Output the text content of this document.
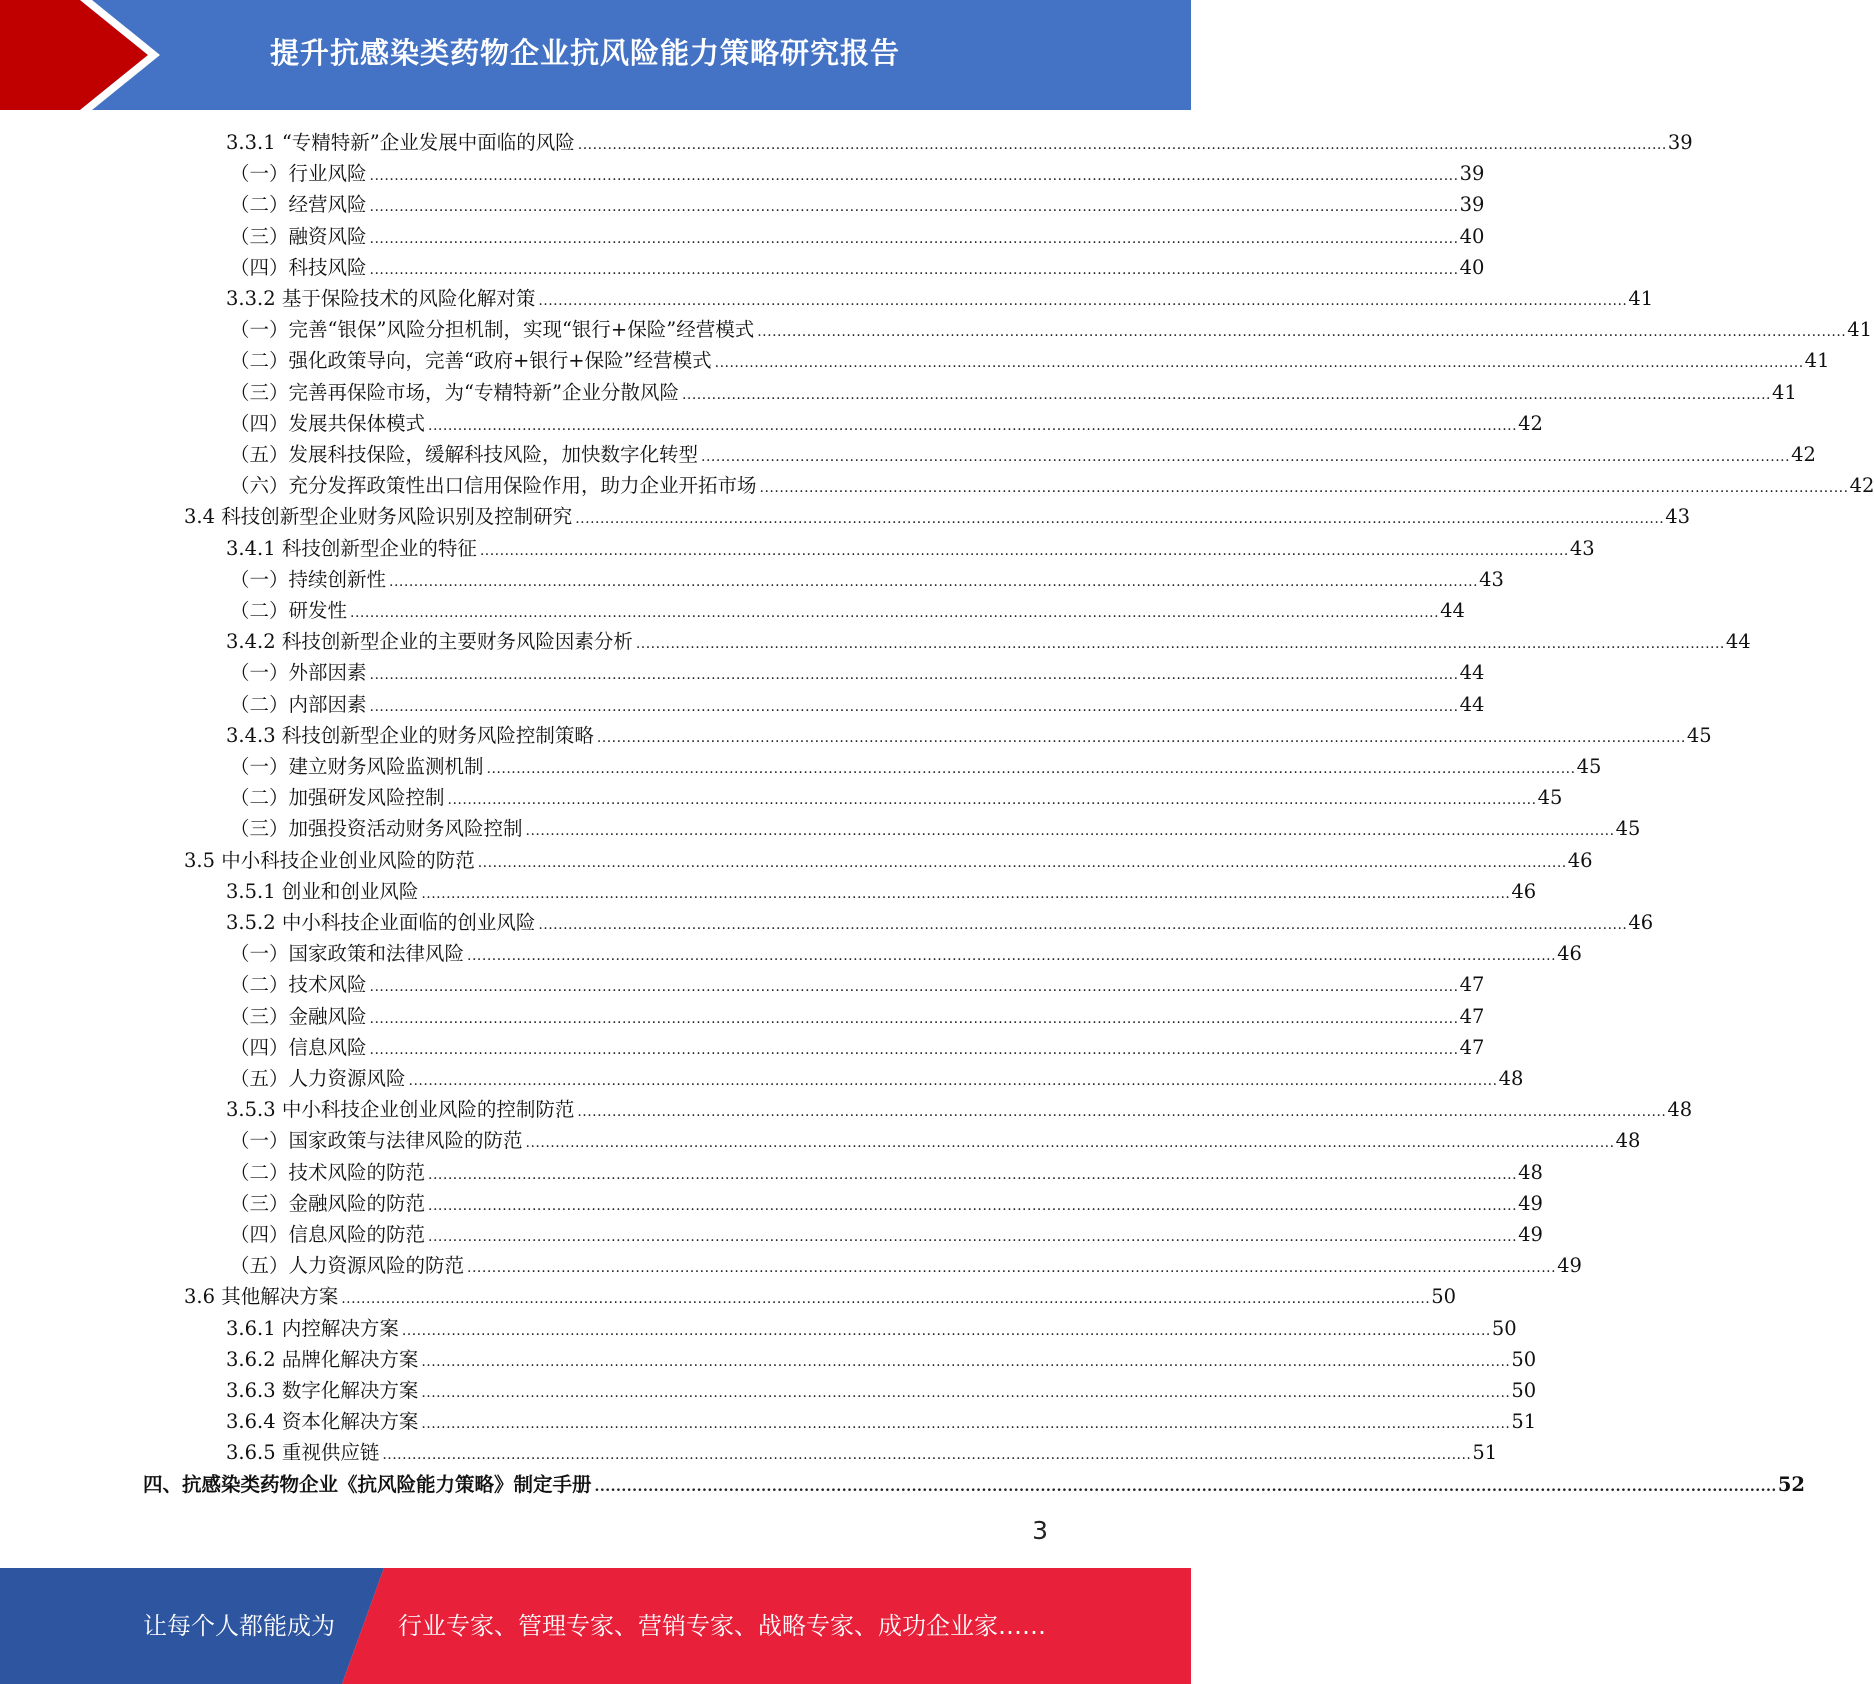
提升抗感染类药物企业抗风险能力策略研究报告
3.3.1 “专精特新”企业发展中面临的风险 ............................................................................................................................................................................................................................ 39
（一）行业风险 ............................................................................................................................................................................................................................ 39
（二）经营风险 ............................................................................................................................................................................................................................ 39
（三）融资风险 ............................................................................................................................................................................................................................ 40
（四）科技风险 ............................................................................................................................................................................................................................ 40
3.3.2 基于保险技术的风险化解对策 ............................................................................................................................................................................................................................ 41
（一）完善“银保”风险分担机制，实现“银行+保险”经营模式 ............................................................................................................................................................................................................................ 41
（二）强化政策导向，完善“政府+银行+保险”经营模式 ............................................................................................................................................................................................................................ 41
（三）完善再保险市场，为“专精特新”企业分散风险 ............................................................................................................................................................................................................................ 41
（四）发展共保体模式 ............................................................................................................................................................................................................................ 42
（五）发展科技保险，缓解科技风险，加快数字化转型 ............................................................................................................................................................................................................................ 42
（六）充分发挥政策性出口信用保险作用，助力企业开拓市场 ............................................................................................................................................................................................................................ 42
3.4 科技创新型企业财务风险识别及控制研究 ............................................................................................................................................................................................................................ 43
3.4.1 科技创新型企业的特征 ............................................................................................................................................................................................................................ 43
（一）持续创新性 ............................................................................................................................................................................................................................ 43
（二）研发性 ............................................................................................................................................................................................................................ 44
3.4.2 科技创新型企业的主要财务风险因素分析 ............................................................................................................................................................................................................................ 44
（一）外部因素 ............................................................................................................................................................................................................................ 44
（二）内部因素 ............................................................................................................................................................................................................................ 44
3.4.3 科技创新型企业的财务风险控制策略 ............................................................................................................................................................................................................................ 45
（一）建立财务风险监测机制 ............................................................................................................................................................................................................................ 45
（二）加强研发风险控制 ............................................................................................................................................................................................................................ 45
（三）加强投资活动财务风险控制 ............................................................................................................................................................................................................................ 45
3.5 中小科技企业创业风险的防范 ............................................................................................................................................................................................................................ 46
3.5.1 创业和创业风险 ............................................................................................................................................................................................................................ 46
3.5.2 中小科技企业面临的创业风险 ............................................................................................................................................................................................................................ 46
（一）国家政策和法律风险 ............................................................................................................................................................................................................................ 46
（二）技术风险 ............................................................................................................................................................................................................................ 47
（三）金融风险 ............................................................................................................................................................................................................................ 47
（四）信息风险 ............................................................................................................................................................................................................................ 47
（五）人力资源风险 ............................................................................................................................................................................................................................ 48
3.5.3 中小科技企业创业风险的控制防范 ............................................................................................................................................................................................................................ 48
（一）国家政策与法律风险的防范 ............................................................................................................................................................................................................................ 48
（二）技术风险的防范 ............................................................................................................................................................................................................................ 48
（三）金融风险的防范 ............................................................................................................................................................................................................................ 49
（四）信息风险的防范 ............................................................................................................................................................................................................................ 49
（五）人力资源风险的防范 ............................................................................................................................................................................................................................ 49
3.6 其他解决方案 ............................................................................................................................................................................................................................ 50
3.6.1 内控解决方案 ............................................................................................................................................................................................................................ 50
3.6.2 品牌化解决方案 ............................................................................................................................................................................................................................ 50
3.6.3 数字化解决方案 ............................................................................................................................................................................................................................ 50
3.6.4 资本化解决方案 ............................................................................................................................................................................................................................ 51
3.6.5 重视供应链 ............................................................................................................................................................................................................................ 51
四、抗感染类药物企业《抗风险能力策略》制定手册 ............................................................................................................................................................................................................................ 52
3
让每个人都能成为	行业专家、管理专家、营销专家、战略专家、成功企业家……
